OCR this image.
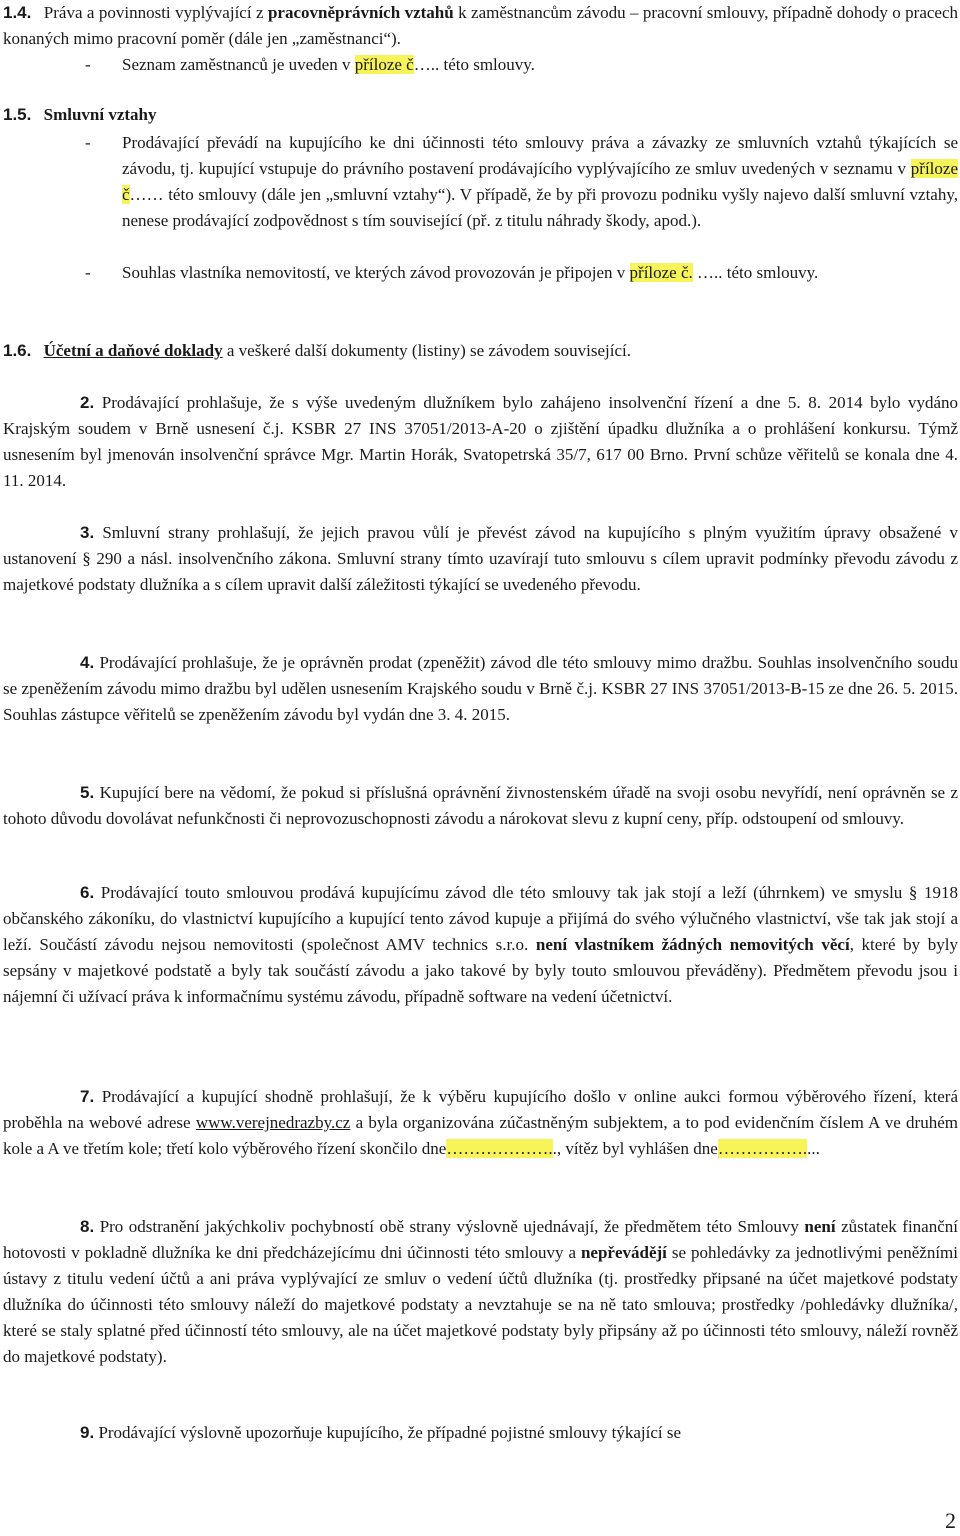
1.4. Práva a povinnosti vyplývající z pracovněprávních vztahů k zaměstnancům závodu – pracovní smlouvy, případně dohody o pracech konaných mimo pracovní poměr (dále jen „zaměstnanci“).

- Seznam zaměstnanců je uveden v příloze č….. této smlouvy.
1.5. Smluvní vztahy
- Prodávající převádí na kupujícího ke dni účinnosti této smlouvy práva a závazky ze smluvních vztahů týkajících se závodu, tj. kupující vstupuje do právního postavení prodávajícího vyplývajícího ze smluv uvedených v seznamu v příloze č…… této smlouvy (dále jen „smluvní vztahy“). V případě, že by při provozu podniku vyšly najevo další smluvní vztahy, nenese prodávající zodpovědnost s tím související (př. z titulu náhrady škody, apod.).
- Souhlas vlastníka nemovitostí, ve kterých závod provozován je připojen v příloze č. ….. této smlouvy.
1.6. Účetní a daňové doklady a veškeré další dokumenty (listiny) se závodem související.

2. Prodávající prohlašuje, že s výše uvedeným dlužníkem bylo zahájeno insolvenční řízení a dne 5. 8. 2014 bylo vydáno Krajským soudem v Brně usnesení č.j. KSBR 27 INS 37051/2013-A-20 o zjištění úpadku dlužníka a o prohlášení konkursu. Týmž usnesením byl jmenován insolvenční správce Mgr. Martin Horák, Svatopetrská 35/7, 617 00 Brno. První schůze věřitelů se konala dne 4. 11. 2014.

3. Smluvní strany prohlašují, že jejich pravou vůlí je převést závod na kupujícího s plným využitím úpravy obsažené v ustanovení § 290 a násl. insolvenčního zákona. Smluvní strany tímto uzavírají tuto smlouvu s cílem upravit podmínky převodu závodu z majetkové podstaty dlužníka a s cílem upravit další záležitosti týkající se uvedeného převodu.

4. Prodávající prohlašuje, že je oprávněn prodat (zpeněžit) závod dle této smlouvy mimo dražbu. Souhlas insolvenčního soudu se zpeněžením závodu mimo dražbu byl udělen usnesením Krajského soudu v Brně č.j. KSBR 27 INS 37051/2013-B-15 ze dne 26. 5. 2015. Souhlas zástupce věřitelů se zpeněžením závodu byl vydán dne 3. 4. 2015.

5. Kupující bere na vědomí, že pokud si příslušná oprávnění živnostenském úřadě na svoji osobu nevyřídí, není oprávněn se z tohoto důvodu dovolávat nefunkčnosti či neprovozuschopnosti závodu a nárokovat slevu z kupní ceny, příp. odstoupení od smlouvy.

6. Prodávající touto smlouvou prodává kupujícímu závod dle této smlouvy tak jak stojí a leží (úhrnkem) ve smyslu § 1918 občanského zákoníku, do vlastnictví kupujícího a kupující tento závod kupuje a přijímá do svého výlučného vlastnictví, vše tak jak stojí a leží. Součástí závodu nejsou nemovitosti (společnost AMV technics s.r.o. není vlastníkem žádných nemovitých věcí, které by byly sepsány v majetkové podstatě a byly tak součástí závodu a jako takové by byly touto smlouvou převáděny). Předmětem převodu jsou i nájemní či užívací práva k informačnímu systému závodu, případně software na vedení účetnictví.

7. Prodávající a kupující shodně prohlašují, že k výběru kupujícího došlo v online aukci formou výběrového řízení, která proběhla na webové adrese www.verejnedrazby.cz a byla organizována zúčastněným subjektem, a to pod evidenčním číslem A ve druhém kole a A ve třetím kole; třetí kolo výběrového řízení skončilo dne……………….., vítěz byl vyhlášen dne……………....

8. Pro odstranění jakýchkoliv pochybností obě strany výslovně ujednávají, že předmětem této Smlouvy není zůstatek finanční hotovosti v pokladně dlužníka ke dni předcházejícímu dni účinnosti této smlouvy a nepřevádějí se pohledávky za jednotlivými peněžními ústavy z titulu vedení účtů a ani práva vyplývající ze smluv o vedení účtů dlužníka (tj. prostředky připsané na účet majetkové podstaty dlužníka do účinnosti této smlouvy náleží do majetkové podstaty a nevztahuje se na ně tato smlouva; prostředky /pohledávky dlužníka/, které se staly splatné před účinností této smlouvy, ale na účet majetkové podstaty byly připsány až po účinnosti této smlouvy, náleží rovněž do majetkové podstaty).

9. Prodávající výslovně upozorňuje kupujícího, že případné pojistné smlouvy týkající se

2
